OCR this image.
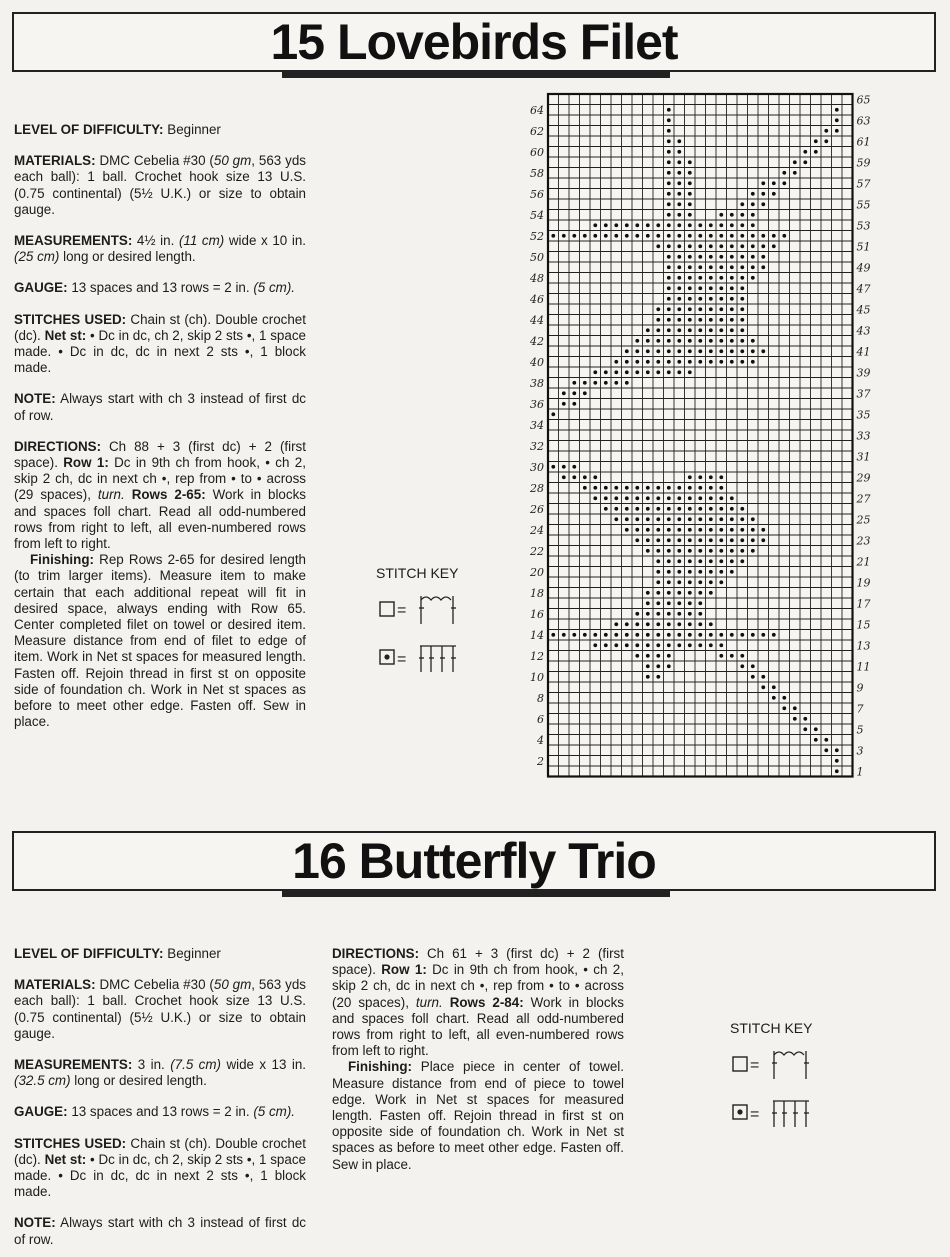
15 Lovebirds Filet

LEVEL OF DIFFICULTY: Beginner

MATERIALS: DMC Cebelia #30 (50 gm, 563 yds each ball): 1 ball. Crochet hook size 13 U.S. (0.75 continental) (5½ U.K.) or size to obtain gauge.

MEASUREMENTS: 4½ in. (11 cm) wide x 10 in. (25 cm) long or desired length.

GAUGE: 13 spaces and 13 rows = 2 in. (5 cm).

STITCHES USED: Chain st (ch). Double crochet (dc). Net st: • Dc in dc, ch 2, skip 2 sts •, 1 space made. • Dc in dc, dc in next 2 sts •, 1 block made.

NOTE: Always start with ch 3 instead of first dc of row.

DIRECTIONS: Ch 88 + 3 (first dc) + 2 (first space). Row 1: Dc in 9th ch from hook, • ch 2, skip 2 ch, dc in next ch •, rep from • to • across (29 spaces), turn. Rows 2-65: Work in blocks and spaces foll chart. Read all odd-numbered rows from right to left, all even-numbered rows from left to right.

Finishing: Rep Rows 2-65 for desired length (to trim larger items). Measure item to make certain that each additional repeat will fit in desired space, always ending with Row 65. Center completed filet on towel or desired item. Measure distance from end of filet to edge of item. Work in Net st spaces for measured length. Fasten off. Rejoin thread in first st on opposite side of foundation ch. Work in Net st spaces as before to meet other edge. Fasten off. Sew in place.

STITCH KEY
=
=
64
62
60
58
56
54
52
50
48
46
44
42
40
38
36
34
32
30
28
26
24
22
20
18
16
14
12
10
8
6
4
2
65
63
61
59
57
55
53
51
49
47
45
43
41
39
37
35
33
31
29
27
25
23
21
19
17
15
13
11
9
7
5
3
1
16 Butterfly Trio

LEVEL OF DIFFICULTY: Beginner

MATERIALS: DMC Cebelia #30 (50 gm, 563 yds each ball): 1 ball. Crochet hook size 13 U.S. (0.75 continental) (5½ U.K.) or size to obtain gauge.

MEASUREMENTS: 3 in. (7.5 cm) wide x 13 in. (32.5 cm) long or desired length.

GAUGE: 13 spaces and 13 rows = 2 in. (5 cm).

STITCHES USED: Chain st (ch). Double crochet (dc). Net st: • Dc in dc, ch 2, skip 2 sts •, 1 space made. • Dc in dc, dc in next 2 sts •, 1 block made.

NOTE: Always start with ch 3 instead of first dc of row.

DIRECTIONS: Ch 61 + 3 (first dc) + 2 (first space). Row 1: Dc in 9th ch from hook, • ch 2, skip 2 ch, dc in next ch •, rep from • to • across (20 spaces), turn. Rows 2-84: Work in blocks and spaces foll chart. Read all odd-numbered rows from right to left, all even-numbered rows from left to right.

Finishing: Place piece in center of towel. Measure distance from end of piece to towel edge. Work in Net st spaces for measured length. Fasten off. Rejoin thread in first st on opposite side of foundation ch. Work in Net st spaces as before to meet other edge. Fasten off. Sew in place.

STITCH KEY
=
=
